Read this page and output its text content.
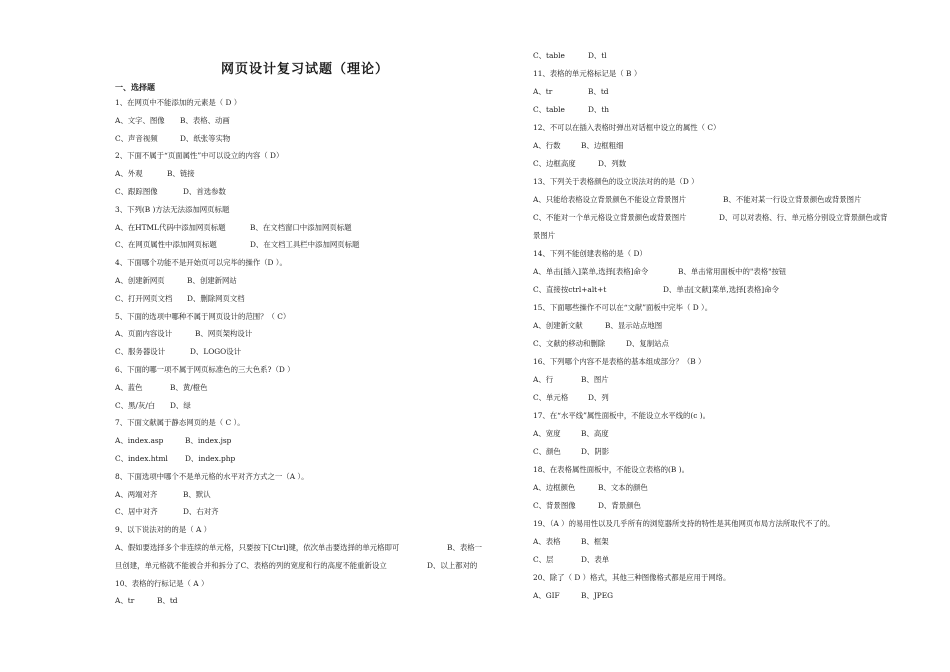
网页设计复习试题（理论）
一、选择题
1、在网页中不能添加的元素是（ D ）
A、文字、图像 B、表格、动画
C、声音视频	D、纸张等实物
2、下面不属于“页面属性”中可以设立的内容（ D）
A、外观	B、链接
C、跟踪图像	D、首选参数
3、下列(B )方法无法添加网页标题
A、在HTML代码中添加网页标题	B、在文档窗口中添加网页标题
C、在网页属性中添加网页标题	D、在文档工具栏中添加网页标题
4、下面哪个功能不是开始页可以完毕的操作（D ）。
A、创建新网页	B、创建新网站
C、打开网页文档 D、删除网页文档
5、下面的选项中哪种不属于网页设计的范围？（ C）
A、页面内容设计	B、网页架构设计
C、服务器设计	D、LOGO设计
6、下面的哪一项不属于网页标准色的三大色系?（D ）
A、蓝色	B、黄/橙色
C、黑/灰/白 D、绿
7、下面文献属于静态网页的是（ C ）。
A、index.asp	B、index.jsp
C、index.html D、index.php
8、下面选项中哪个不是单元格的水平对齐方式之一（A ）。
A、两端对齐	B、默认
C、居中对齐	D、右对齐
9、以下说法对的的是（ A ）
A、假如要选择多个非连续的单元格，只要按下[Ctrl]键，依次单击要选择的单元格即可	B、表格一
旦创建，单元格就不能被合并和拆分了C、表格的列的宽度和行的高度不能重新设立	D、以上都对的
10、表格的行标记是（ A ）
A、tr	B、td
C、table	D、tl
11、表格的单元格标记是（ B ）
A、tr	B、td
C、table	D、th
12、不可以在插入表格时弹出对话框中设立的属性（ C）
A、行数	B、边框粗细
C、边框高度	D、列数
13、下列关于表格颜色的设立说法对的的是（D ）
A、只能给表格设立背景颜色不能设立背景图片	B、不能对某一行设立背景颜色或背景图片
C、不能对一个单元格设立背景颜色或背景图片	D、可以对表格、行、单元格分别设立背景颜色或背
景图片
14、下列不能创建表格的是（ D）
A、单击[插入]菜单,选择[表格]命令	B、单击常用面板中的"表格"按钮
C、直接按ctrl+alt+t	D、单击[文献]菜单,选择[表格]命令
15、下面哪些操作不可以在“文献”面板中完毕（ D ）。
A、创建新文献	B、显示站点地图
C、文献的移动和删除	D、复制站点
16、下列哪个内容不是表格的基本组成部分？（B ）
A、行	B、图片
C、单元格	D、列
17、在“水平线”属性面板中，不能设立水平线的(c )。
A、宽度	B、高度
C、颜色	D、阴影
18、在表格属性面板中，不能设立表格的(B )。
A、边框颜色	B、文本的颜色
C、背景图像	D、背景颜色
19、（A ）的易用性以及几乎所有的浏览器所支持的特性是其他网页布局方法所取代不了的。
A、表格	B、框架
C、层	D、表单
20、除了（ D ）格式，其他三种图像格式都是应用于网络。
A、GIF	B、JPEG
